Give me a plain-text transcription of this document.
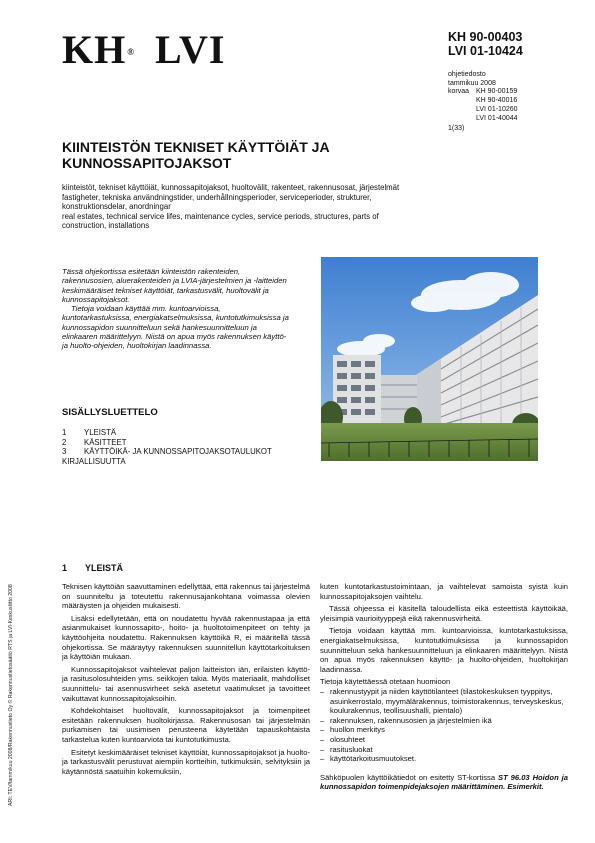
KH® LVI	KH 90-00403
LVI 01-10424
ohjetiedosto
tammikuu 2008
korvaa KH 90-00159
KH 90-40016
LVI 01-10260
LVI 01-40044
1(33)
KIINTEISTÖN TEKNISET KÄYTTÖIÄT JA
KUNNOSSAPITOJAKSOT
kiinteistöt, tekniset käyttöiät, kunnossapitojaksot, huoltovälit, rakenteet, rakennusosat, järjestelmät
fastigheter, tekniska användningstider, underhållningsperioder, serviceperioder, strukturer, konstruktionsdelar, anordningar
real estates, technical service lifes, maintenance cycles, service periods, structures, parts of construction, installations

Tässä ohjekortissa esitetään kiinteistön rakenteiden, rakennusosien, aluerakenteiden ja LVIA-järjestelmien ja -laitteiden keskimääräiset tekniset käyttöiät, tarkastusvälit, huoltovälit ja kunnossapitojaksot.

Tietoja voidaan käyttää mm. kuntoarvioissa, kuntotarkastuksissa, energiakatselmuksissa, kuntotutkimuksissa ja kunnossapidon suunnitteluun sekä hankesuunnitteluun ja elinkaaren määrittelyyn. Niistä on apua myös rakennuksen käyttö- ja huolto-ohjeiden, huoltokirjan laadinnassa.

SISÄLLYSLUETTELO
1	YLEISTÄ
2	KÄSITTEET
3	KÄYTTÖIKÄ- JA KUNNOSSAPITOJAKSOTAULUKOT
KIRJALLISUUTTA
ARI: TEV/tammikuu 2008/Rakennustieto Oy © Rakennustietosäätiö RTS ja LVI-Keskusliitto 2008
1 YLEISTÄ

Teknisen käyttöiän saavuttaminen edellyttää, että rakennus tai järjestelmä on suunniteltu ja toteutettu rakennusajankohtana voimassa olevien määräysten ja ohjeiden mukaisesti.

Lisäksi edellytetään, että on noudatettu hyvää rakennustapaa ja että asianmukaiset kunnossapito-, hoito- ja huoltotoimenpiteet on tehty ja käyttöohjeita noudatettu. Rakennuksen käyttöikä R, ei määritellä tässä ohjekortissa. Se määräytyy rakennuksen suunnitellun käyttötarkoituksen ja käyttöiän mukaan.

Kunnossapitojaksot vaihtelevat paljon laitteiston iän, erilaisten käyttö- ja rasitusolosuhteiden yms. seikkojen takia. Myös materiaalit, mahdolliset suunnittelu- tai asennusvirheet sekä asetetut vaatimukset ja tavoitteet vaikuttavat kunnossapitojaksoihin.

Kohdekohtaiset huoltovälit, kunnossapitojaksot ja toimenpiteet esitetään rakennuksen huoltokirjassa. Rakennusosan tai järjestelmän purkamisen tai uusimisen perusteena käytetään tapauskohtaista tarkastelua kuten kuntoarviota tai kuntotutkimusta.

Esitetyt keskimääräiset tekniset käyttöiät, kunnossapitojaksot ja huolto- ja tarkastusvälit perustuvat aiempiin kortteihin, tutkimuksiin, selvityksiin ja käytännöstä saatuihin kokemuksiin,

kuten kuntotarkastustoimintaan, ja vaihtelevat samoista syistä kuin kunnossapitojaksojen vaihtelu.

Tässä ohjeessa ei käsitellä taloudellista eikä esteettistä käyttöikää, yleisimpiä vaurioityyppejä eikä rakennusvirheitä.

Tietoja voidaan käyttää mm. kuntoarvioissa, kuntotarkastuksissa, energiakatselmuksissa, kuntotutkimuksissa ja kunnossapidon suunnitteluun sekä hankesuunnitteluun ja elinkaaren määrittelyyn. Niistä on apua myös rakennuksen käyttö- ja huolto-ohjeiden, huoltokirjan laadinnassa.

Tietoja käytettäessä otetaan huomioon
– rakennustyypit ja niiden käyttötilanteet (tilastokeskuksen tyyppitys, asuinkerrostalo, myymälärakennus, toimistorakennus, terveyskeskus, koulurakennus, teollisuushalli, pientalo)
– rakennuksen, rakennusosien ja järjestelmien ikä
– huollon merkitys
– olosuhteet
– rasitusluokat
– käyttötarkoitusmuutokset.

Sähköpuolen käyttöikätiedot on esitetty ST-kortissa ST 96.03 Hoidon ja kunnossapidon toimenpidejaksojen määrittäminen. Esimerkit.
